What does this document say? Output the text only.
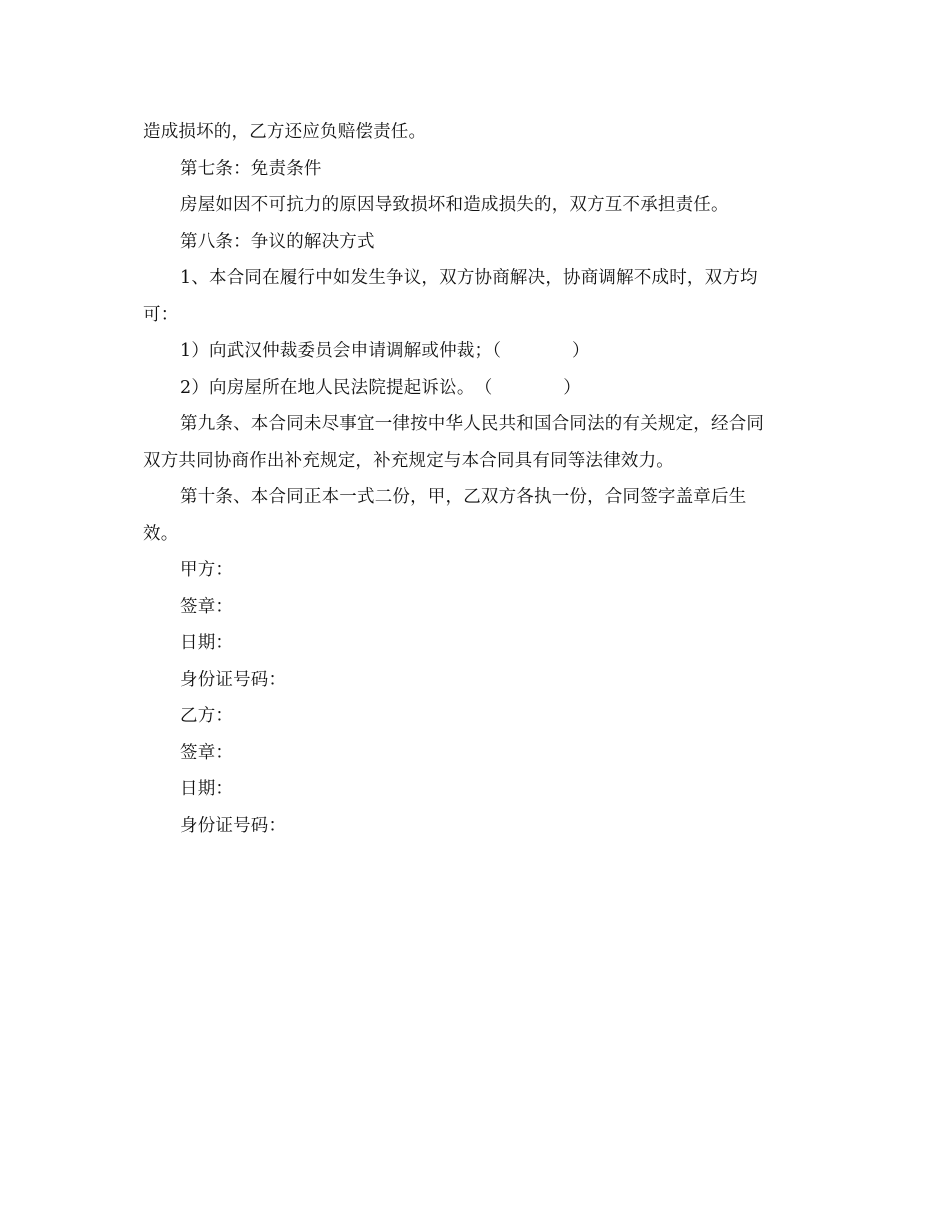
造成损坏的，乙方还应负赔偿责任。
第七条：免责条件
房屋如因不可抗力的原因导致损坏和造成损失的，双方互不承担责任。
第八条：争议的解决方式
1、本合同在履行中如发生争议，双方协商解决，协商调解不成时，双方均
可：
1）向武汉仲裁委员会申请调解或仲裁；（　　　　）
2）向房屋所在地人民法院提起诉讼。　（　　　　）
第九条、本合同未尽事宜一律按中华人民共和国合同法的有关规定，经合同
双方共同协商作出补充规定，补充规定与本合同具有同等法律效力。
第十条、本合同正本一式二份，甲，乙双方各执一份，合同签字盖章后生
效。
甲方：
签章：
日期：
身份证号码：
乙方：
签章：
日期：
身份证号码：
